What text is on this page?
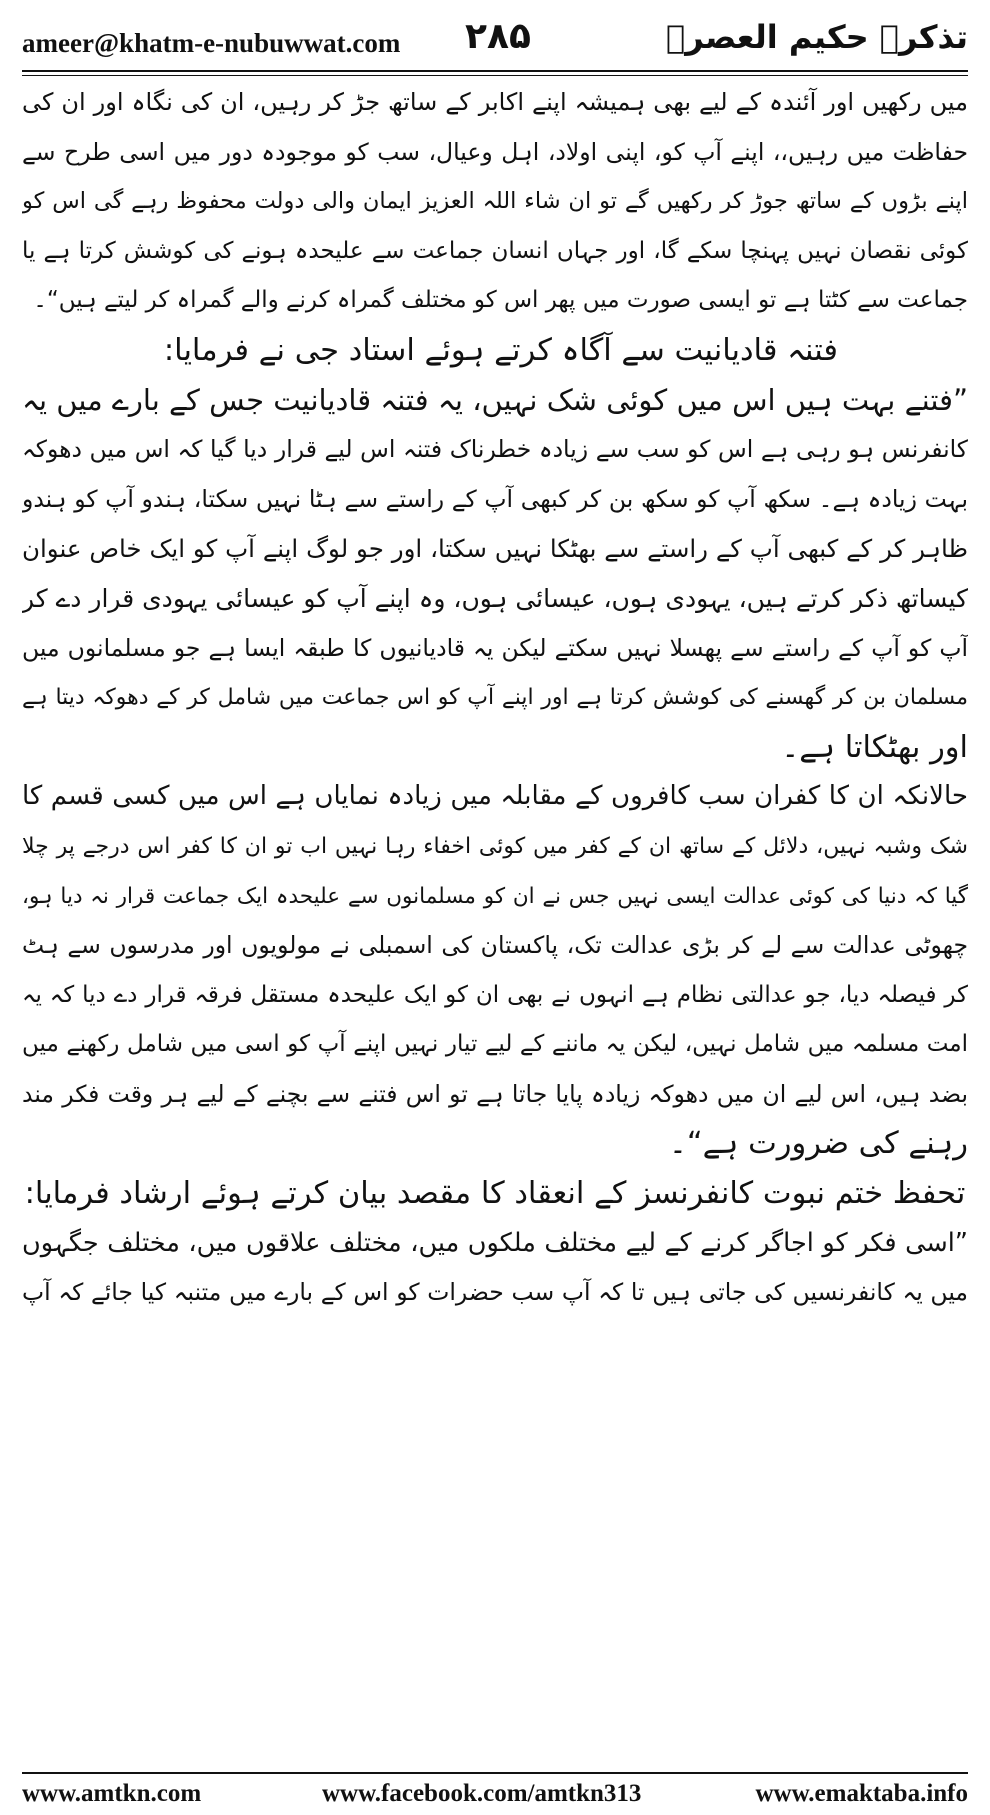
ameer@khatm-e-nubuwwat.com ۲۸۵	تذکرہ حکیم العصرؒ
میں رکھیں اور آئندہ کے لیے بھی ہمیشہ اپنے اکابر کے ساتھ جڑ کر رہیں، ان کی نگاہ اور ان کی
حفاظت میں رہیں،، اپنے آپ کو، اپنی اولاد، اہل وعیال، سب کو موجودہ دور میں اسی طرح سے
اپنے بڑوں کے ساتھ جوڑ کر رکھیں گے تو ان شاء اللہ العزیز ایمان والی دولت محفوظ رہے گی اس کو
کوئی نقصان نہیں پہنچا سکے گا، اور جہاں انسان جماعت سے علیحدہ ہونے کی کوشش کرتا ہے یا
جماعت سے کٹتا ہے تو ایسی صورت میں پھر اس کو مختلف گمراہ کرنے والے گمراہ کر لیتے ہیں“۔
فتنہ قادیانیت سے آگاہ کرتے ہوئے استاد جی نے فرمایا:
”فتنے بہت ہیں اس میں کوئی شک نہیں، یہ فتنہ قادیانیت جس کے بارے میں یہ
کانفرنس ہو رہی ہے اس کو سب سے زیادہ خطرناک فتنہ اس لیے قرار دیا گیا کہ اس میں دھوکہ
بہت زیادہ ہے۔ سکھ آپ کو سکھ بن کر کبھی آپ کے راستے سے ہٹا نہیں سکتا، ہندو آپ کو ہندو
ظاہر کر کے کبھی آپ کے راستے سے بھٹکا نہیں سکتا، اور جو لوگ اپنے آپ کو ایک خاص عنوان
کیساتھ ذکر کرتے ہیں، یہودی ہوں، عیسائی ہوں، وہ اپنے آپ کو عیسائی یہودی قرار دے کر
آپ کو آپ کے راستے سے پھسلا نہیں سکتے لیکن یہ قادیانیوں کا طبقہ ایسا ہے جو مسلمانوں میں
مسلمان بن کر گھسنے کی کوشش کرتا ہے اور اپنے آپ کو اس جماعت میں شامل کر کے دھوکہ دیتا ہے
اور بھٹکاتا ہے۔
حالانکہ ان کا کفران سب کافروں کے مقابلہ میں زیادہ نمایاں ہے اس میں کسی قسم کا
شک وشبہ نہیں، دلائل کے ساتھ ان کے کفر میں کوئی اخفاء رہا نہیں اب تو ان کا کفر اس درجے پر چلا
گیا کہ دنیا کی کوئی عدالت ایسی نہیں جس نے ان کو مسلمانوں سے علیحدہ ایک جماعت قرار نہ دیا ہو،
چھوٹی عدالت سے لے کر بڑی عدالت تک، پاکستان کی اسمبلی نے مولویوں اور مدرسوں سے ہٹ
کر فیصلہ دیا، جو عدالتی نظام ہے انہوں نے بھی ان کو ایک علیحدہ مستقل فرقہ قرار دے دیا کہ یہ
امت مسلمہ میں شامل نہیں، لیکن یہ ماننے کے لیے تیار نہیں اپنے آپ کو اسی میں شامل رکھنے میں
بضد ہیں، اس لیے ان میں دھوکہ زیادہ پایا جاتا ہے تو اس فتنے سے بچنے کے لیے ہر وقت فکر مند
رہنے کی ضرورت ہے“۔
تحفظ ختم نبوت کانفرنسز کے انعقاد کا مقصد بیان کرتے ہوئے ارشاد فرمایا:
”اسی فکر کو اجاگر کرنے کے لیے مختلف ملکوں میں، مختلف علاقوں میں، مختلف جگہوں
میں یہ کانفرنسیں کی جاتی ہیں تا کہ آپ سب حضرات کو اس کے بارے میں متنبہ کیا جائے کہ آپ
www.amtkn.com	www.facebook.com/amtkn313	www.emaktaba.info
